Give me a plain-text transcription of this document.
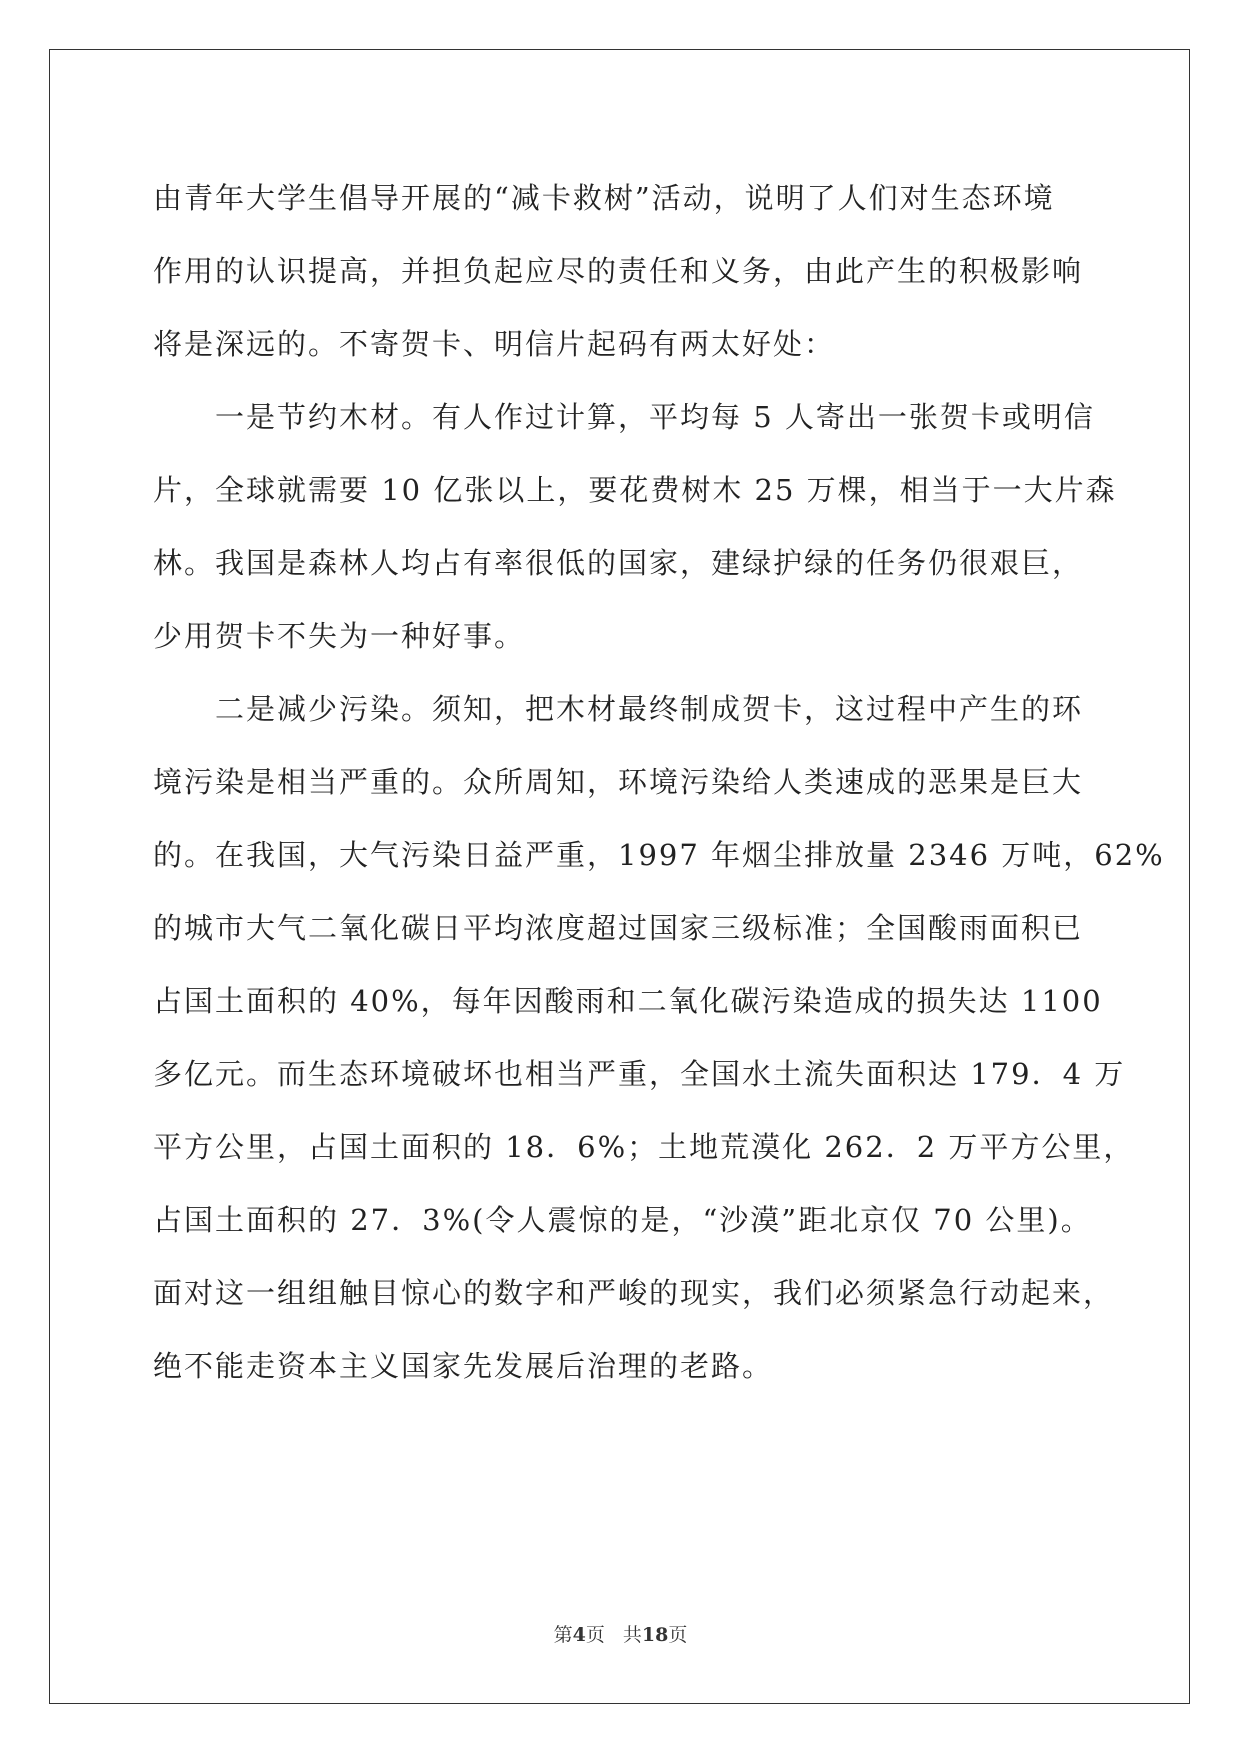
由青年大学生倡导开展的“减卡救树”活动，说明了人们对生态环境
作用的认识提高，并担负起应尽的责任和义务，由此产生的积极影响
将是深远的。不寄贺卡、明信片起码有两太好处：
一是节约木材。有人作过计算，平均每 5 人寄出一张贺卡或明信
片，全球就需要 10 亿张以上，要花费树木 25 万棵，相当于一大片森
林。我国是森林人均占有率很低的国家，建绿护绿的任务仍很艰巨，
少用贺卡不失为一种好事。
二是减少污染。须知，把木材最终制成贺卡，这过程中产生的环
境污染是相当严重的。众所周知，环境污染给人类速成的恶果是巨大
的。在我国，大气污染日益严重，1997 年烟尘排放量 2346 万吨，62%
的城市大气二氧化碳日平均浓度超过国家三级标准；全国酸雨面积已
占国土面积的 40%，每年因酸雨和二氧化碳污染造成的损失达 1100
多亿元。而生态环境破坏也相当严重，全国水土流失面积达 179．4 万
平方公里，占国土面积的 18．6%；土地荒漠化 262．2 万平方公里，
占国土面积的 27．3%(令人震惊的是，“沙漠”距北京仅 70 公里)。
面对这一组组触目惊心的数字和严峻的现实，我们必须紧急行动起来，
绝不能走资本主义国家先发展后治理的老路。
第4页 共18页
